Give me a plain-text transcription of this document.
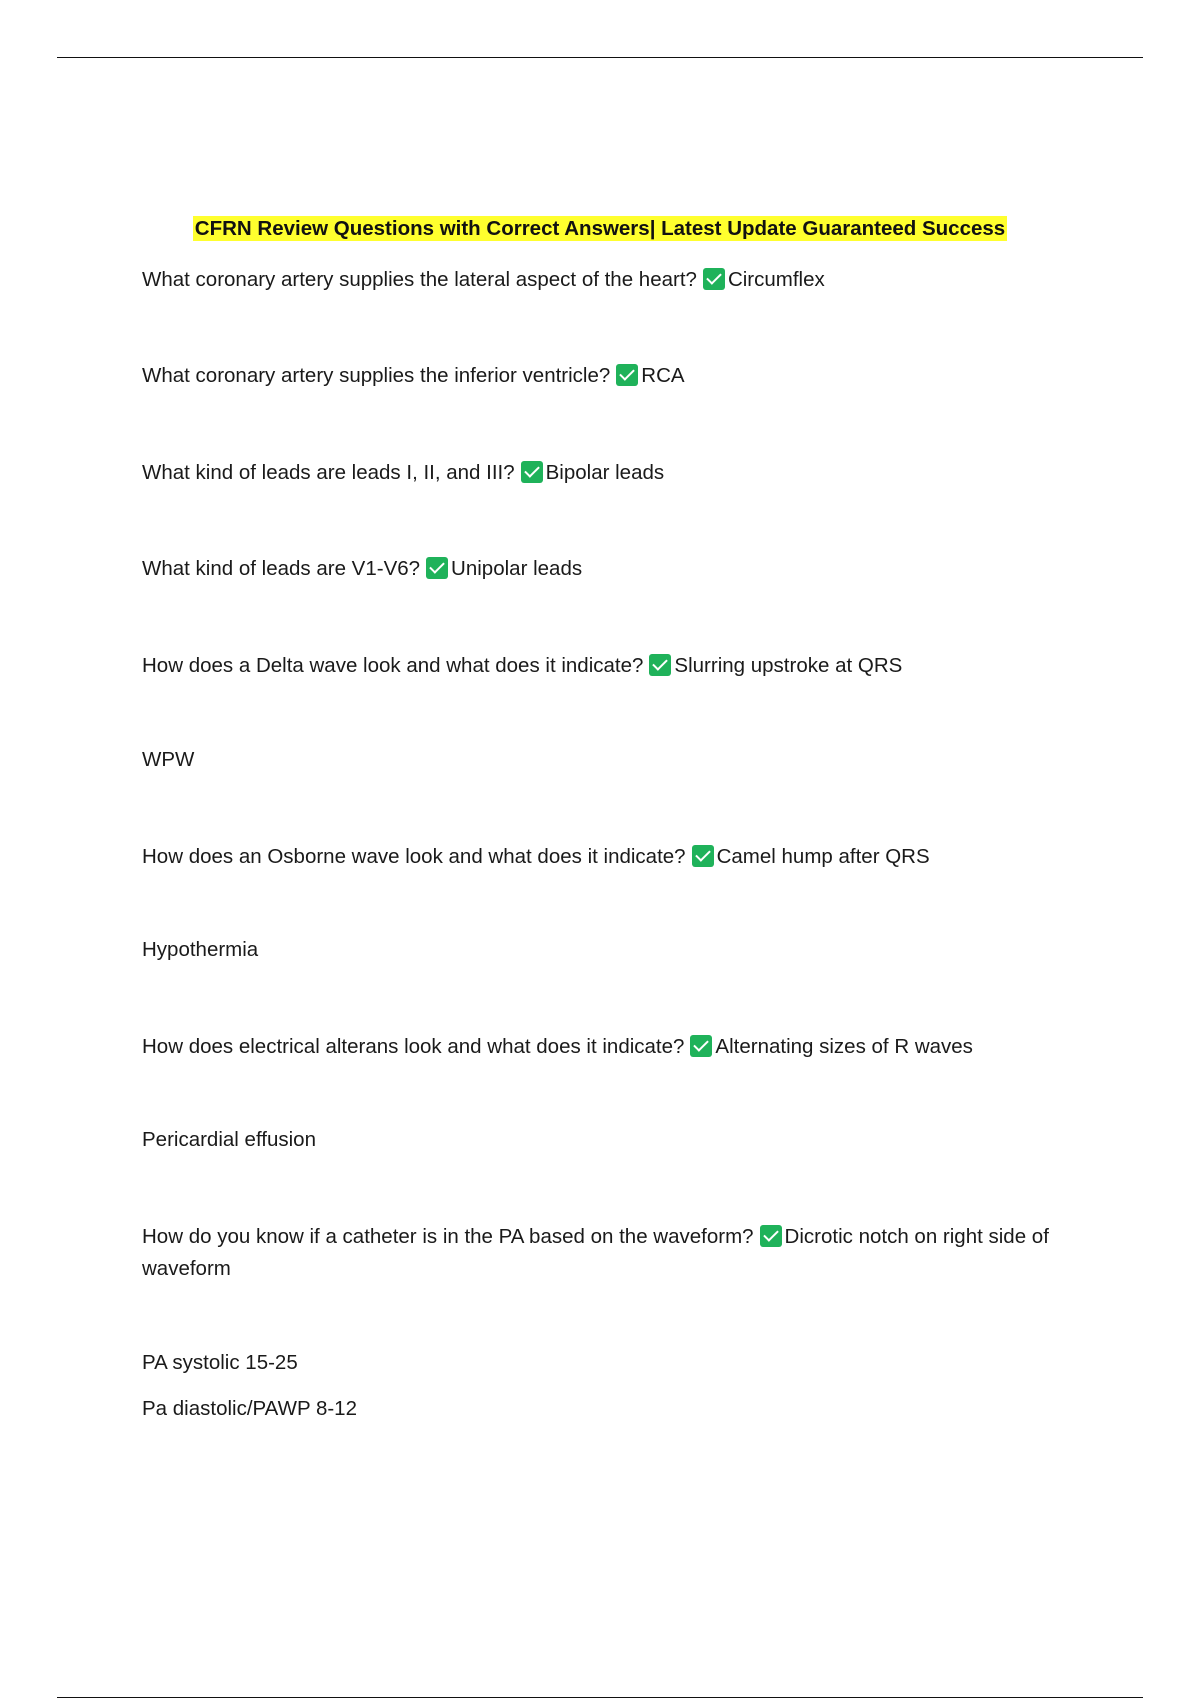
CFRN Review Questions with Correct Answers| Latest Update Guaranteed Success
What coronary artery supplies the lateral aspect of the heart? Circumflex
What coronary artery supplies the inferior ventricle? RCA
What kind of leads are leads I, II, and III? Bipolar leads
What kind of leads are V1-V6? Unipolar leads
How does a Delta wave look and what does it indicate? Slurring upstroke at QRS
WPW
How does an Osborne wave look and what does it indicate? Camel hump after QRS
Hypothermia
How does electrical alterans look and what does it indicate? Alternating sizes of R waves
Pericardial effusion
How do you know if a catheter is in the PA based on the waveform? Dicrotic notch on right side of waveform
PA systolic 15-25
Pa diastolic/PAWP 8-12
